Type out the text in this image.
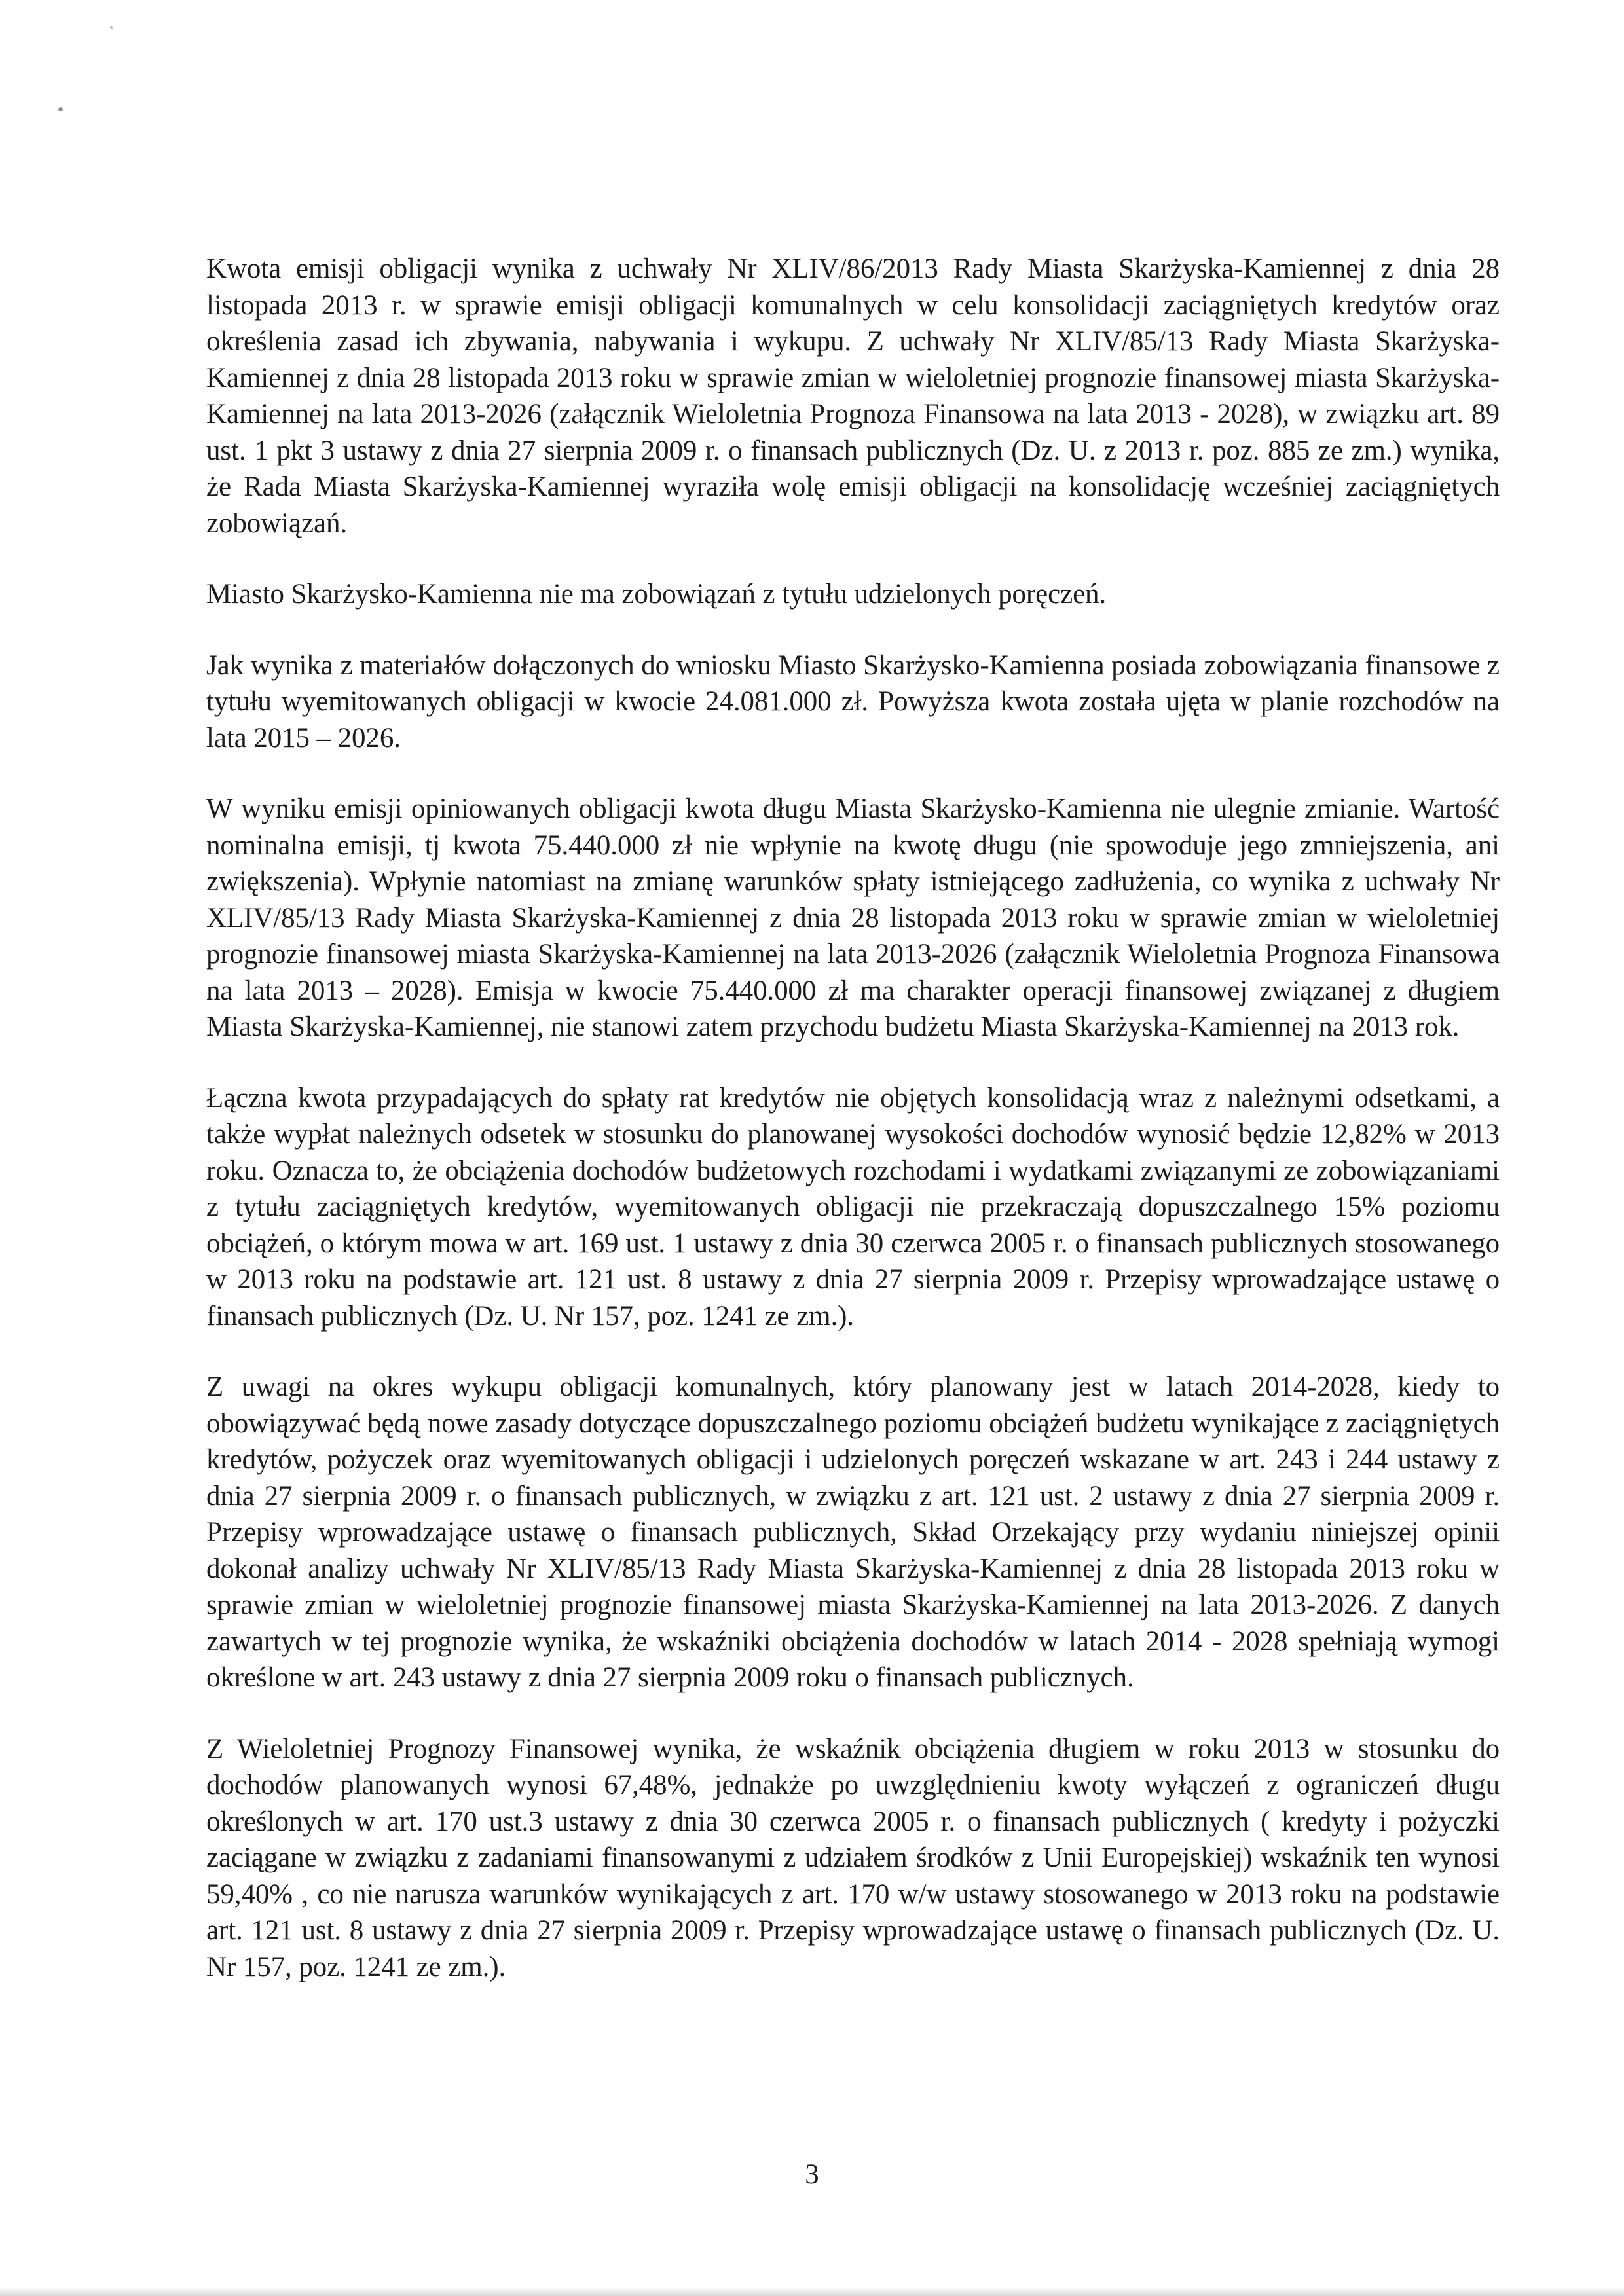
Kwota emisji obligacji wynika z uchwały Nr XLIV/86/2013 Rady Miasta Skarżyska-Kamiennej z dnia 28 listopada 2013 r. w sprawie emisji obligacji komunalnych w celu konsolidacji zaciągniętych kredytów oraz określenia zasad ich zbywania, nabywania i wykupu. Z uchwały Nr XLIV/85/13 Rady Miasta Skarżyska-Kamiennej z dnia 28 listopada 2013 roku w sprawie zmian w wieloletniej prognozie finansowej miasta Skarżyska-Kamiennej na lata 2013-2026 (załącznik Wieloletnia Prognoza Finansowa na lata 2013 - 2028), w związku art. 89 ust. 1 pkt 3 ustawy z dnia 27 sierpnia 2009 r. o finansach publicznych (Dz. U. z 2013 r. poz. 885 ze zm.) wynika, że Rada Miasta Skarżyska-Kamiennej wyraziła wolę emisji obligacji na konsolidację wcześniej zaciągniętych zobowiązań.

Miasto Skarżysko-Kamienna nie ma zobowiązań z tytułu udzielonych poręczeń.

Jak wynika z materiałów dołączonych do wniosku Miasto Skarżysko-Kamienna posiada zobowiązania finansowe z tytułu wyemitowanych obligacji w kwocie 24.081.000 zł. Powyższa kwota została ujęta w planie rozchodów na lata 2015 – 2026.

W wyniku emisji opiniowanych obligacji kwota długu Miasta Skarżysko-Kamienna nie ulegnie zmianie. Wartość nominalna emisji, tj kwota 75.440.000 zł nie wpłynie na kwotę długu (nie spowoduje jego zmniejszenia, ani zwiększenia). Wpłynie natomiast na zmianę warunków spłaty istniejącego zadłużenia, co wynika z uchwały Nr XLIV/85/13 Rady Miasta Skarżyska-Kamiennej z dnia 28 listopada 2013 roku w sprawie zmian w wieloletniej prognozie finansowej miasta Skarżyska-Kamiennej na lata 2013-2026 (załącznik Wieloletnia Prognoza Finansowa na lata 2013 – 2028). Emisja w kwocie 75.440.000 zł ma charakter operacji finansowej związanej z długiem Miasta Skarżyska-Kamiennej, nie stanowi zatem przychodu budżetu Miasta Skarżyska-Kamiennej na 2013 rok.

Łączna kwota przypadających do spłaty rat kredytów nie objętych konsolidacją wraz z należnymi odsetkami, a także wypłat należnych odsetek w stosunku do planowanej wysokości dochodów wynosić będzie 12,82% w 2013 roku. Oznacza to, że obciążenia dochodów budżetowych rozchodami i wydatkami związanymi ze zobowiązaniami z tytułu zaciągniętych kredytów, wyemitowanych obligacji nie przekraczają dopuszczalnego 15% poziomu obciążeń, o którym mowa w art. 169 ust. 1 ustawy z dnia 30 czerwca 2005 r. o finansach publicznych stosowanego w 2013 roku na podstawie art. 121 ust. 8 ustawy z dnia 27 sierpnia 2009 r. Przepisy wprowadzające ustawę o finansach publicznych (Dz. U. Nr 157, poz. 1241 ze zm.).

Z uwagi na okres wykupu obligacji komunalnych, który planowany jest w latach 2014-2028, kiedy to obowiązywać będą nowe zasady dotyczące dopuszczalnego poziomu obciążeń budżetu wynikające z zaciągniętych kredytów, pożyczek oraz wyemitowanych obligacji i udzielonych poręczeń wskazane w art. 243 i 244 ustawy z dnia 27 sierpnia 2009 r. o finansach publicznych, w związku z art. 121 ust. 2 ustawy z dnia 27 sierpnia 2009 r. Przepisy wprowadzające ustawę o finansach publicznych, Skład Orzekający przy wydaniu niniejszej opinii dokonał analizy uchwały Nr XLIV/85/13 Rady Miasta Skarżyska-Kamiennej z dnia 28 listopada 2013 roku w sprawie zmian w wieloletniej prognozie finansowej miasta Skarżyska-Kamiennej na lata 2013-2026. Z danych zawartych w tej prognozie wynika, że wskaźniki obciążenia dochodów w latach 2014 - 2028 spełniają wymogi określone w art. 243 ustawy z dnia 27 sierpnia 2009 roku o finansach publicznych.

Z Wieloletniej Prognozy Finansowej wynika, że wskaźnik obciążenia długiem w roku 2013 w stosunku do dochodów planowanych wynosi 67,48%, jednakże po uwzględnieniu kwoty wyłączeń z ograniczeń długu określonych w art. 170 ust.3 ustawy z dnia 30 czerwca 2005 r. o finansach publicznych ( kredyty i pożyczki zaciągane w związku z zadaniami finansowanymi z udziałem środków z Unii Europejskiej) wskaźnik ten wynosi 59,40% , co nie narusza warunków wynikających z art. 170 w/w ustawy stosowanego w 2013 roku na podstawie art. 121 ust. 8 ustawy z dnia 27 sierpnia 2009 r. Przepisy wprowadzające ustawę o finansach publicznych (Dz. U. Nr 157, poz. 1241 ze zm.).

3
